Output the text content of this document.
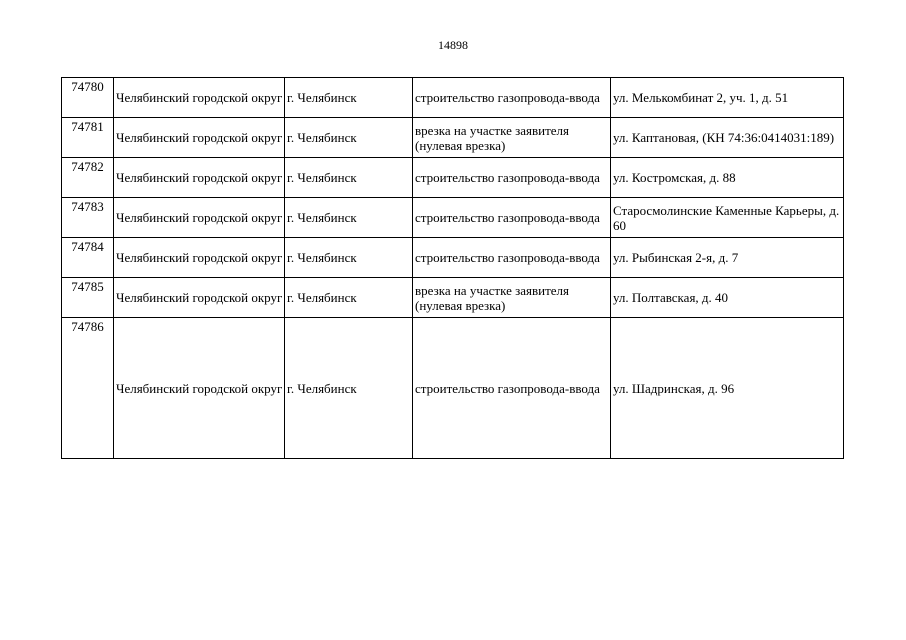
14898
74780	Челябинский городской округ	г. Челябинск	строительство газопровода-ввода	ул. Мелькомбинат 2, уч. 1, д. 51
74781	Челябинский городской округ	г. Челябинск	врезка на участке заявителя (нулевая врезка)	ул. Каптановая, (КН 74:36:0414031:189)
74782	Челябинский городской округ	г. Челябинск	строительство газопровода-ввода	ул. Костромская, д. 88
74783	Челябинский городской округ	г. Челябинск	строительство газопровода-ввода	Старосмолинские Каменные Карьеры, д. 60
74784	Челябинский городской округ	г. Челябинск	строительство газопровода-ввода	ул. Рыбинская 2-я, д. 7
74785	Челябинский городской округ	г. Челябинск	врезка на участке заявителя (нулевая врезка)	ул. Полтавская, д. 40
74786	Челябинский городской округ	г. Челябинск	строительство газопровода-ввода	ул. Шадринская, д. 96
